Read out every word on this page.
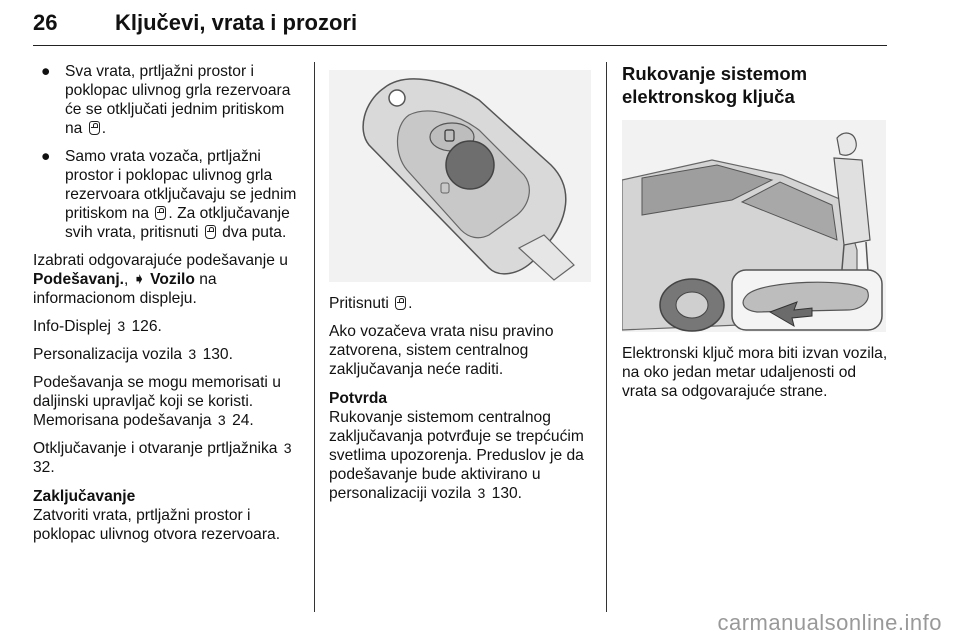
26	Ključevi, vrata i prozori
● Sva vrata, prtljažni prostor i poklopac ulivnog grla rezervoara će se otključati jednim pritiskom na .
● Samo vrata vozača, prtljažni prostor i poklopac ulivnog grla rezervoara otključavaju se jednim pritiskom na . Za otključavanje svih vrata, pritisnuti dva puta.

Izabrati odgovarajuće podešavanje u Podešavanj., ➧ Vozilo na informacionom displeju.

Info-Displej 3 126.

Personalizacija vozila 3 130.

Podešavanja se mogu memorisati u daljinski upravljač koji se koristi. Memorisana podešavanja 3 24.

Otključavanje i otvaranje prtljažnika 3 32.

Zaključavanje
Zatvoriti vrata, prtljažni prostor i poklopac ulivnog otvora rezervoara.

Pritisnuti .

Ako vozačeva vrata nisu pravino zatvorena, sistem centralnog zaključavanja neće raditi.

Potvrda
Rukovanje sistemom centralnog zaključavanja potvrđuje se trepćućim svetlima upozorenja. Preduslov je da podešavanje bude aktivirano u personalizaciji vozila 3 130.
Rukovanje sistemom elektronskog ključa
Elektronski ključ mora biti izvan vozila, na oko jedan metar udaljenosti od vrata sa odgovarajuće strane.
carmanualsonline.info
